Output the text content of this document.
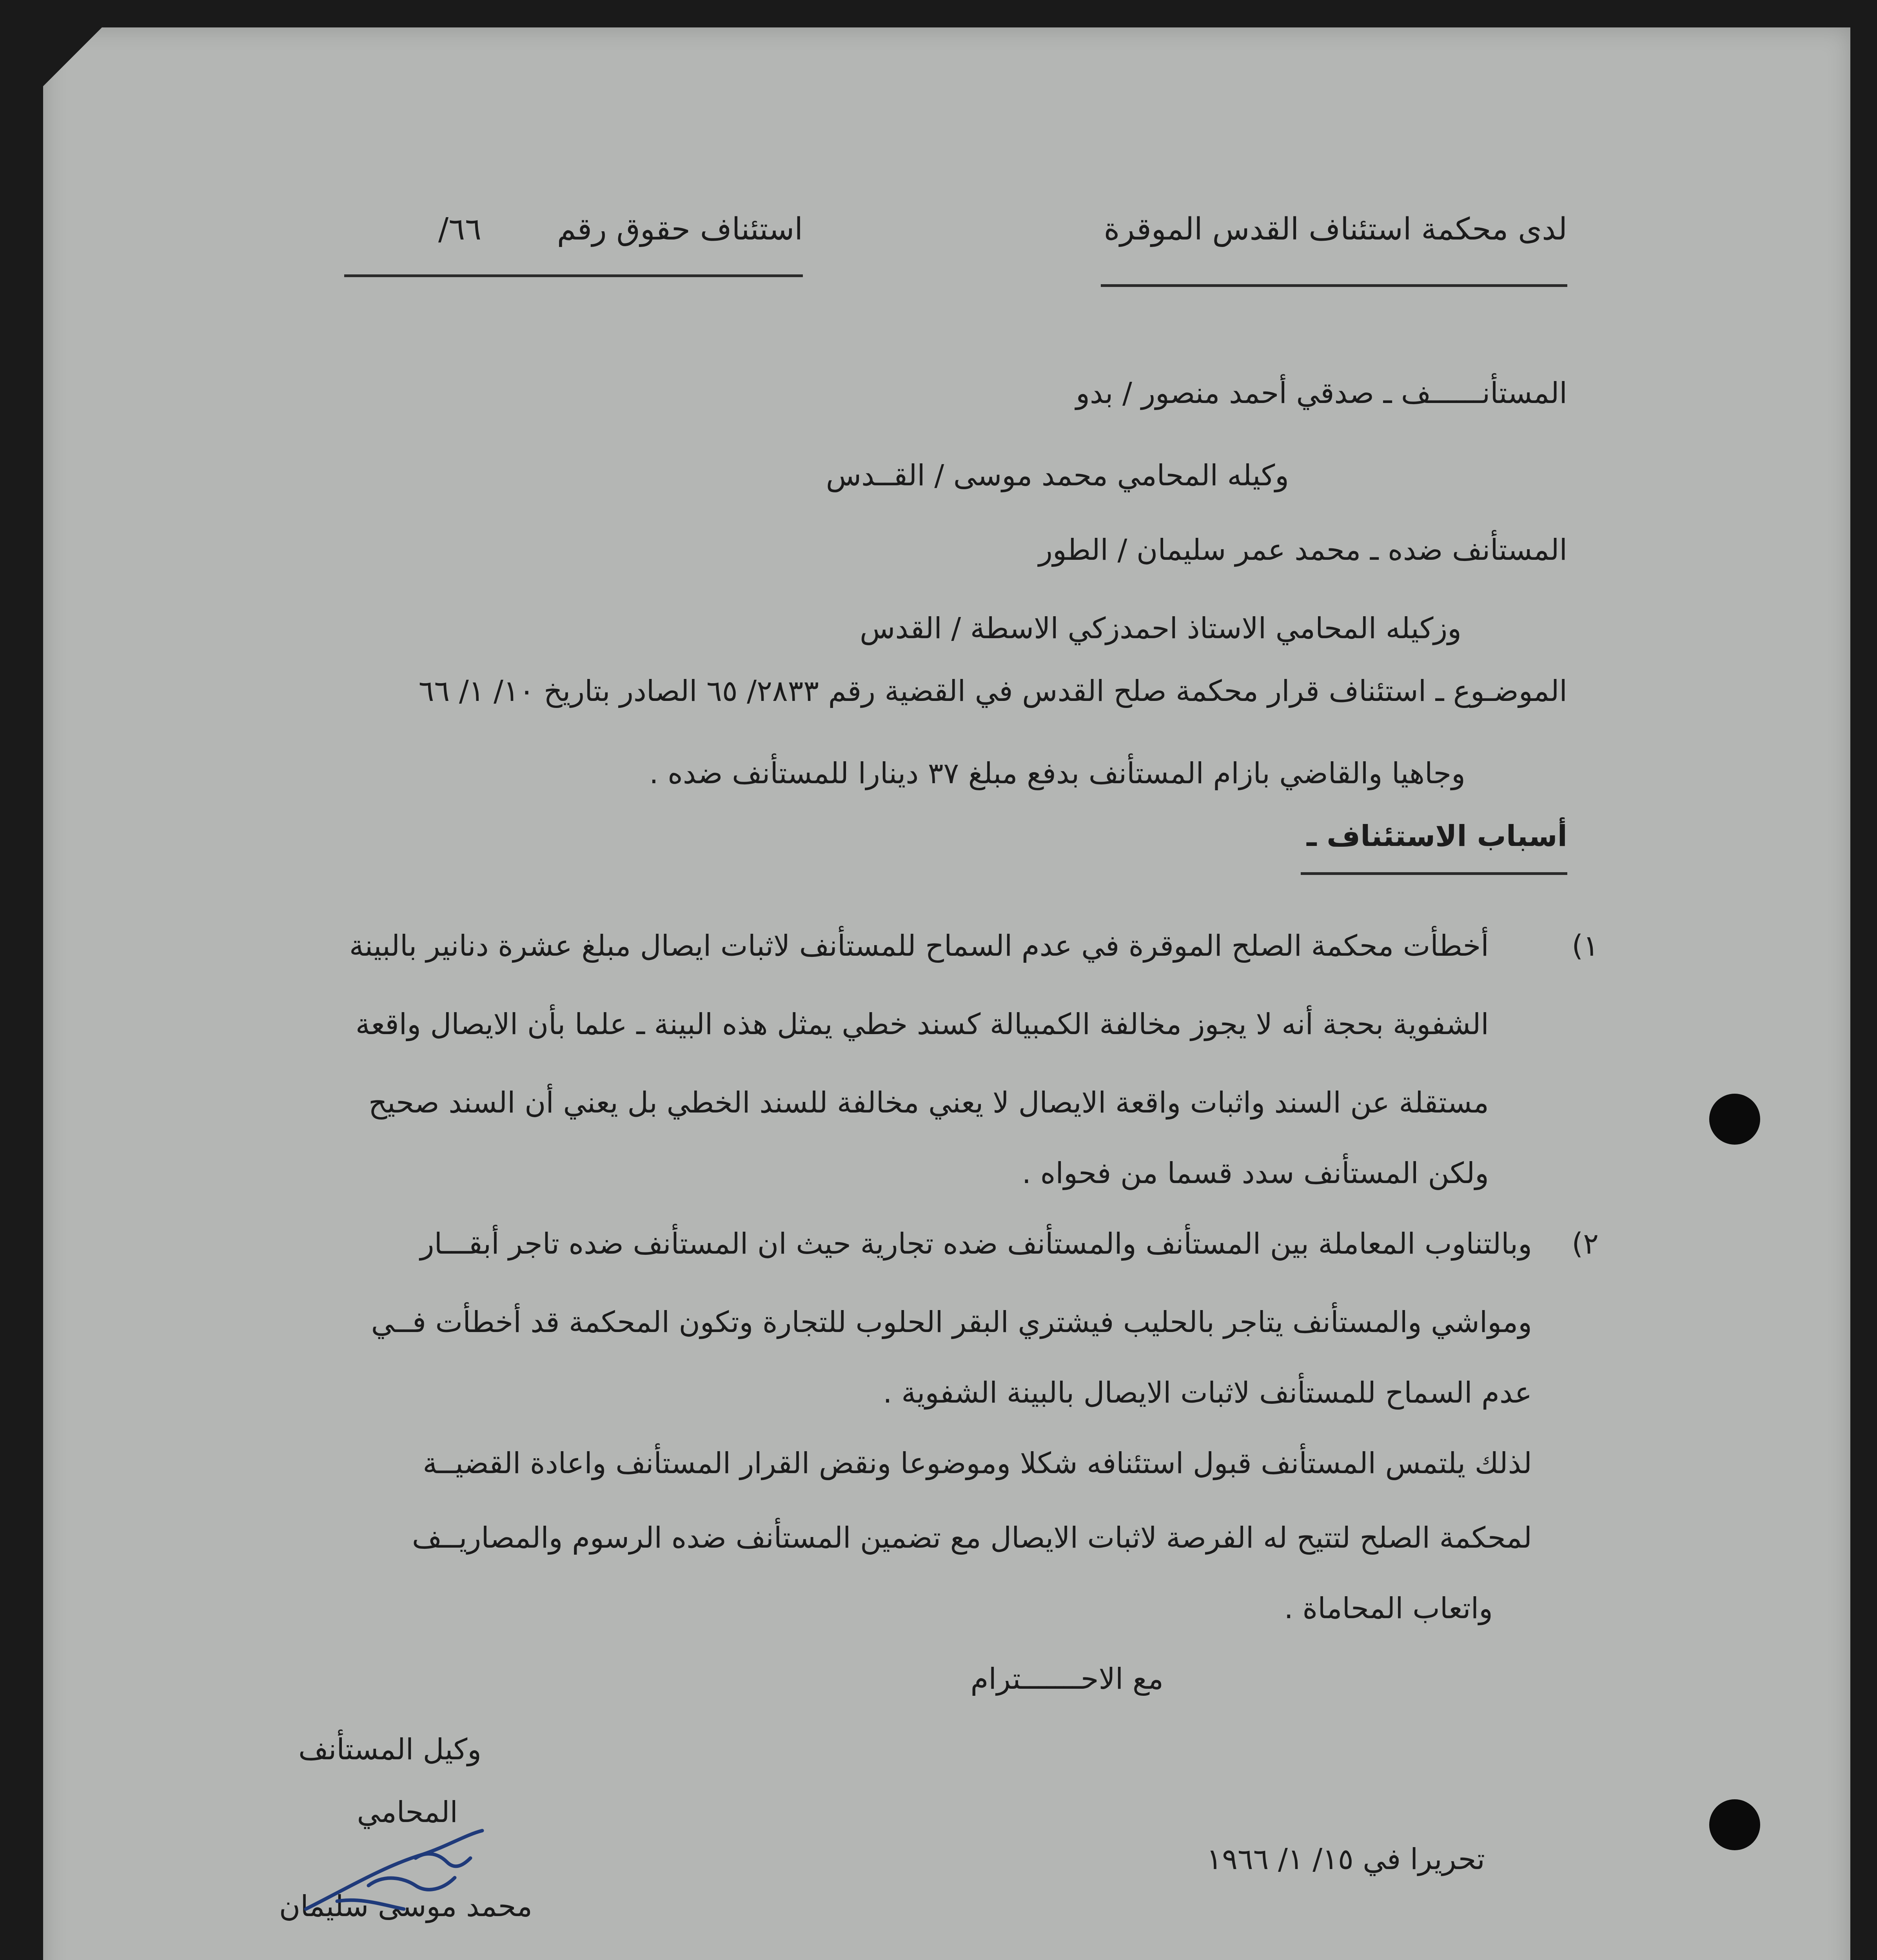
لدى محكمة استئناف القدس الموقرة
استئناف حقوق رقم
٦٦/
المستأنــــــف ـ صدقي أحمد منصور / بدو
وكيله المحامي محمد موسى / القــدس
المستأنف ضده ـ محمد عمر سليمان / الطور
وزكيله المحامي الاستاذ احمدزكي الاسطة / القدس
الموضـوع ـ استئناف قرار محكمة صلح القدس في القضية رقم ٢٨٣٣/ ٦٥ الصادر بتاريخ ١٠/ ١/ ٦٦
وجاهيا والقاضي بازام المستأنف بدفع مبلغ ٣٧ دينارا للمستأنف ضده .
أسباب الاستئناف ـ
١)
أخطأت محكمة الصلح الموقرة في عدم السماح للمستأنف لاثبات ايصال مبلغ عشرة دنانير بالبينة
الشفوية بحجة أنه لا يجوز مخالفة الكمبيالة كسند خطي يمثل هذه البينة ـ علما بأن الايصال واقعة
مستقلة عن السند واثبات واقعة الايصال لا يعني مخالفة للسند الخطي بل يعني أن السند صحيح
ولكن المستأنف سدد قسما من فحواه .
٢)
وبالتناوب المعاملة بين المستأنف والمستأنف ضده تجارية حيث ان المستأنف ضده تاجر أبقـــار
ومواشي والمستأنف يتاجر بالحليب فيشتري البقر الحلوب للتجارة وتكون المحكمة قد أخطأت فــي
عدم السماح للمستأنف لاثبات الايصال بالبينة الشفوية .
لذلك يلتمس المستأنف قبول استئنافه شكلا وموضوعا ونقض القرار المستأنف واعادة القضيــة
لمحكمة الصلح لتتيح له الفرصة لاثبات الايصال مع تضمين المستأنف ضده الرسوم والمصاريــف
واتعاب المحاماة .
مع الاحـــــــترام
وكيل المستأنف
المحامي
محمد موسى سليمان
تحريرا في ١٥/ ١/ ١٩٦٦
